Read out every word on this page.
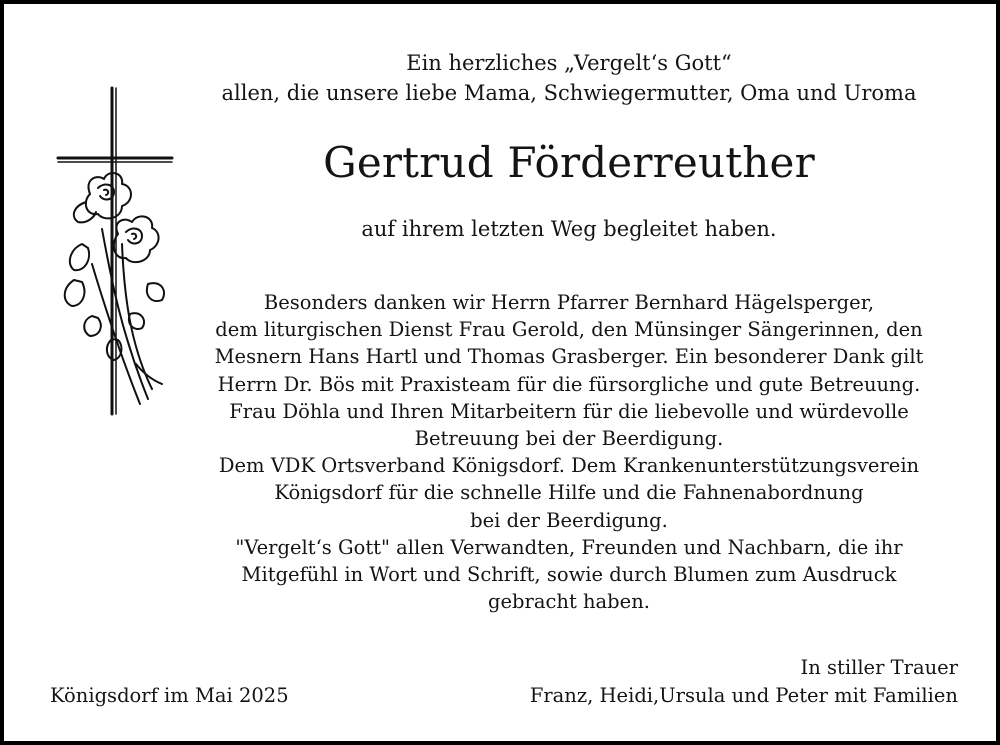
Ein herzliches „Vergelt‘s Gott“
allen, die unsere liebe Mama, Schwiegermutter, Oma und Uroma
Gertrud Förderreuther
auf ihrem letzten Weg begleitet haben.
Besonders danken wir Herrn Pfarrer Bernhard Hägelsperger,
dem liturgischen Dienst Frau Gerold, den Münsinger Sängerinnen, den
Mesnern Hans Hartl und Thomas Grasberger. Ein besonderer Dank gilt
Herrn Dr. Bös mit Praxisteam für die fürsorgliche und gute Betreuung.
Frau Döhla und Ihren Mitarbeitern für die liebevolle und würdevolle
Betreuung bei der Beerdigung.
Dem VDK Ortsverband Königsdorf. Dem Krankenunterstützungsverein
Königsdorf für die schnelle Hilfe und die Fahnenabordnung
bei der Beerdigung.
"Vergelt‘s Gott" allen Verwandten, Freunden und Nachbarn, die ihr
Mitgefühl in Wort und Schrift, sowie durch Blumen zum Ausdruck
gebracht haben.
Königsdorf im Mai 2025
In stiller Trauer
Franz, Heidi,Ursula und Peter mit Familien
